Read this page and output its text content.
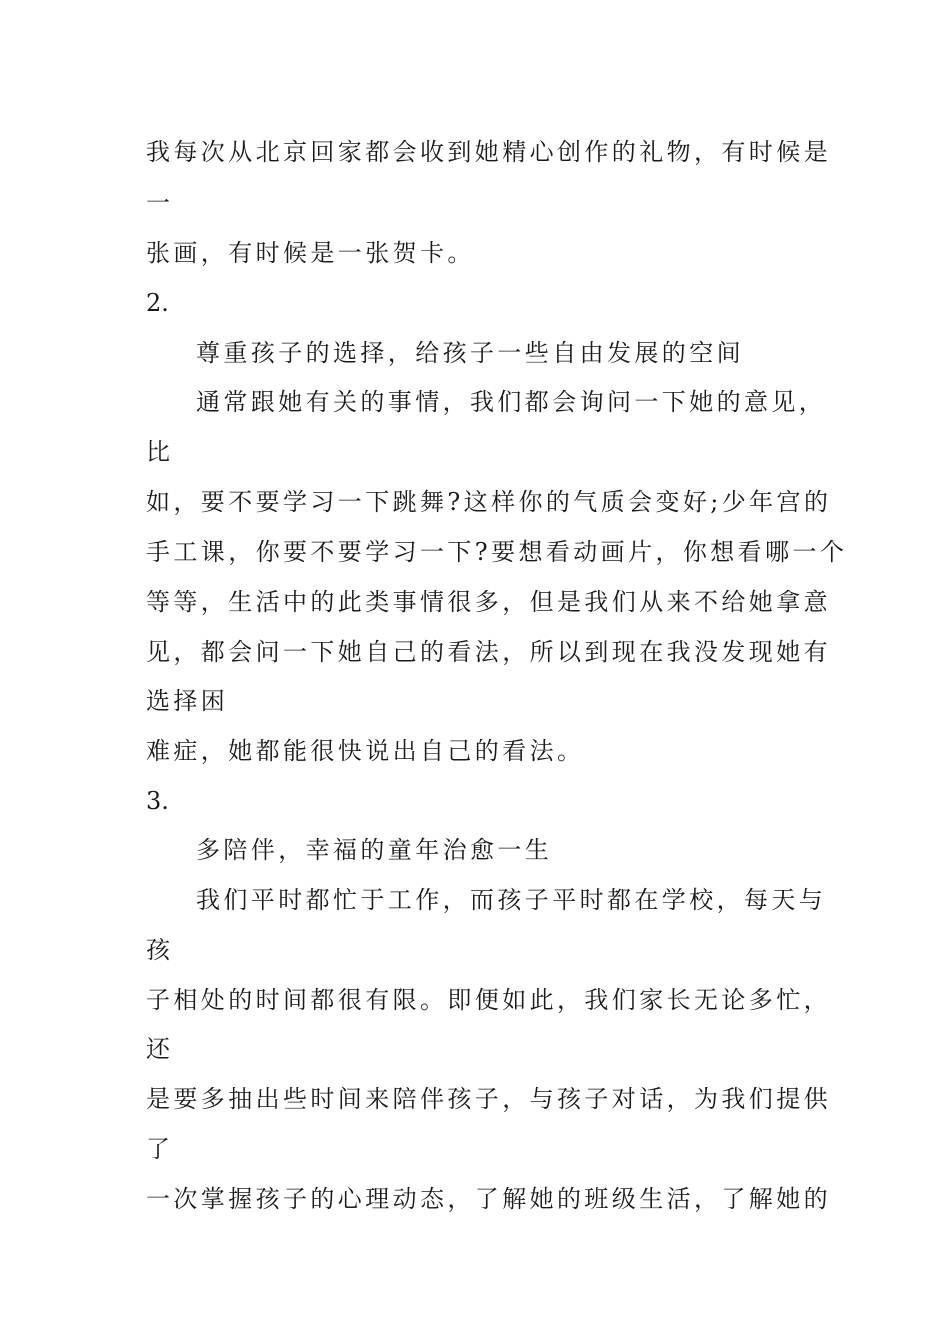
我每次从北京回家都会收到她精心创作的礼物，有时候是
一
张画，有时候是一张贺卡。
2.
尊重孩子的选择，给孩子一些自由发展的空间
通常跟她有关的事情，我们都会询问一下她的意见，
比
如，要不要学习一下跳舞?这样你的气质会变好;少年宫的
手工课，你要不要学习一下?要想看动画片，你想看哪一个
等等，生活中的此类事情很多，但是我们从来不给她拿意
见，都会问一下她自己的看法，所以到现在我没发现她有
选择困
难症，她都能很快说出自己的看法。
3.
多陪伴，幸福的童年治愈一生
我们平时都忙于工作，而孩子平时都在学校，每天与
孩
子相处的时间都很有限。即便如此，我们家长无论多忙，
还
是要多抽出些时间来陪伴孩子，与孩子对话，为我们提供
了
一次掌握孩子的心理动态，了解她的班级生活，了解她的
